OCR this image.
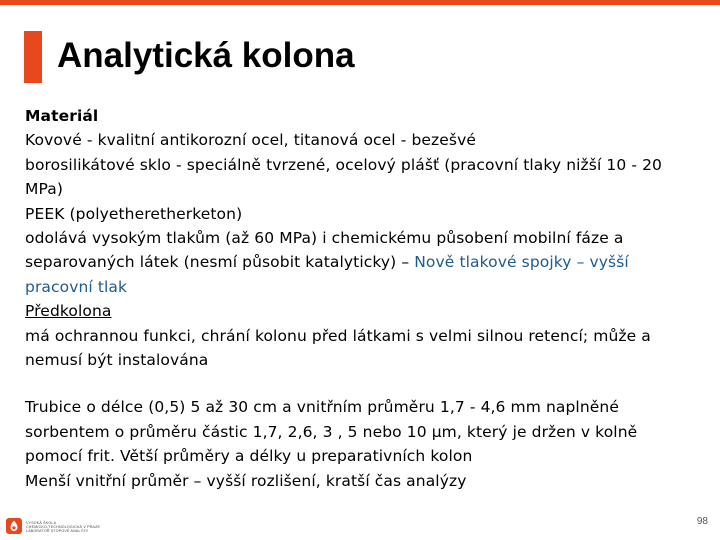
Analytická kolona

Materiál

Kovové - kvalitní antikorozní ocel, titanová ocel - bezešvé

borosilikátové sklo - speciálně tvrzené, ocelový plášť (pracovní tlaky nižší 10 - 20 MPa)

PEEK (polyetheretherketon)

odolává vysokým tlakům (až 60 MPa) i chemickému působení mobilní fáze a separovaných látek (nesmí působit katalyticky) – Nově tlakové spojky – vyšší pracovní tlak

Předkolona

má ochrannou funkci, chrání kolonu před látkami s velmi silnou retencí; může a nemusí být instalována

Trubice o délce (0,5) 5 až 30 cm a vnitřním průměru 1,7 - 4,6 mm naplněné sorbentem o průměru částic 1,7, 2,6, 3 , 5 nebo 10 µm, který je držen v kolně pomocí frit. Větší průměry a délky u preparativních kolon

Menší vnitřní průměr – vyšší rozlišení, kratší čas analýzy

VYSOKÁ ŠKOLA
CHEMICKO-TECHNOLOGICKÁ V PRAZE
LABORATOŘ STOPOVÉ ANALÝZY
98
